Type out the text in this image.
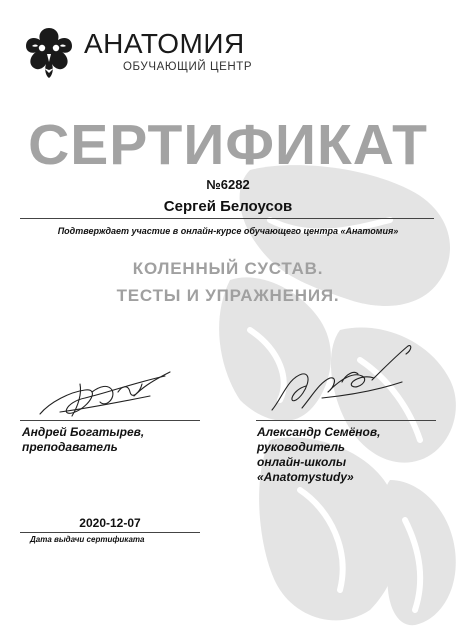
АНАТОМИЯ
ОБУЧАЮЩИЙ ЦЕНТР
СЕРТИФИКАТ
№6282
Сергей Белоусов
Подтверждает участие в онлайн-курсе обучающего центра «Анатомия»
КОЛЕННЫЙ СУСТАВ.
ТЕСТЫ И УПРАЖНЕНИЯ.
Андрей Богатырев,
преподаватель
Александр Семёнов,
руководитель
онлайн-школы
«Anatomystudy»
2020-12-07
Дата выдачи сертификата
